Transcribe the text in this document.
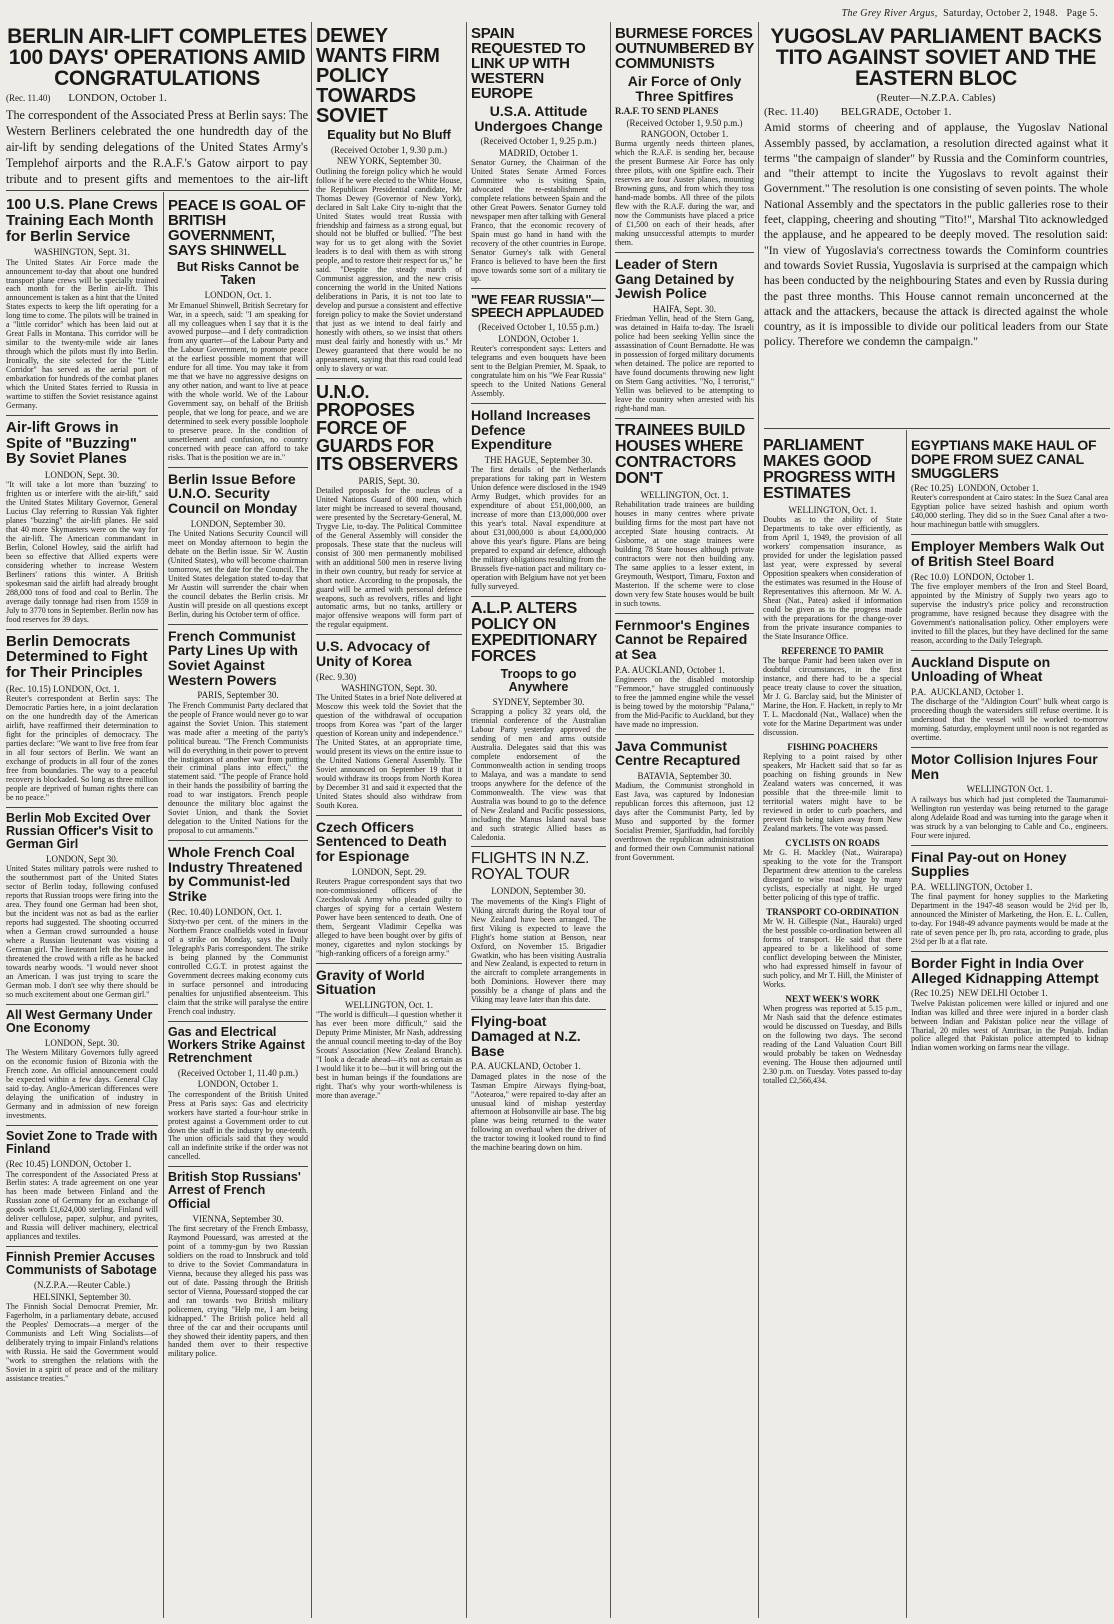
The Grey River Argus, Saturday, October 2, 1948. Page 5.
BERLIN AIR-LIFT COMPLETES 100 DAYS' OPERATIONS AMID CONGRATULATIONS
(Rec. 11.40) LONDON, October 1.
The correspondent of the Associated Press at Berlin says: The Western Berliners celebrated the one hundredth day of the air-lift by sending delegations of the United States Army's Templehof airports and the R.A.F.'s Gatow airport to pay tribute and to present gifts and mementoes to the air-lift
100 U.S. Plane Crews Training Each Month for Berlin Service
WASHINGTON, Sept. 31.
The United States Air Force made the announcement to-day that about one hundred transport plane crews will be specially trained each month for the Berlin air-lift. This announcement is taken as a hint that the United States expects to keep the lift operating for a long time to come. The pilots will be trained in a "little corridor" which has been laid out at Great Falls in Montana. This corridor will be similar to the twenty-mile wide air lanes through which the pilots must fly into Berlin. Ironically, the site selected for the "Little Corridor" has served as the aerial port of embarkation for hundreds of the combat planes which the United States ferried to Russia in wartime to stiffen the Soviet resistance against Germany.
Air-lift Grows in Spite of "Buzzing" By Soviet Planes
LONDON, Sept. 30.
"It will take a lot more than 'buzzing' to frighten us or interfere with the air-lift," said the United States Military Governor, General Lucius Clay referring to Russian Yak fighter planes "buzzing" the air-lift planes. He said that 40 more Skymasters were on the way for the air-lift. The American commandant in Berlin, Colonel Howley, said the airlift had been so effective that Allied experts were considering whether to increase Western Berliners' rations this winter. A British spokesman said the airlift had already brought 288,000 tons of food and coal to Berlin. The average daily tonnage had risen from 1559 in July to 3770 tons in September. Berlin now has food reserves for 39 days.
Berlin Democrats Determined to Fight for Their Principles
(Rec. 10.15) LONDON, Oct. 1.
Reuter's correspondent at Berlin says: The Democratic Parties here, in a joint declaration on the one hundredth day of the American airlift, have reaffirmed their determination to fight for the principles of democracy. The parties declare: "We want to live free from fear in all four sectors of Berlin. We want an exchange of products in all four of the zones free from boundaries. The way to a peaceful recovery is blockaded. So long as three million people are deprived of human rights there can be no peace."
Berlin Mob Excited Over Russian Officer's Visit to German Girl
LONDON, Sept 30.
United States military patrols were rushed to the southernmost part of the United States sector of Berlin today, following confused reports that Russian troops were firing into the area. They found one German had been shot, but the incident was not as bad as the earlier reports had suggested. The shooting occurred when a German crowd surrounded a house where a Russian lieutenant was visiting a German girl. The lieutenant left the house and threatened the crowd with a rifle as he backed towards nearby woods. "I would never shoot an American. I was just trying to scare the German mob. I don't see why there should be so much excitement about one German girl."
All West Germany Under One Economy
LONDON, Sept. 30.
The Western Military Governors fully agreed on the economic fusion of Bizonia with the French zone. An official announcement could be expected within a few days. General Clay said to-day. Anglo-American differences were delaying the unification of industry in Germany and in admission of new foreign investments.
Soviet Zone to Trade with Finland
(Rec 10.45) LONDON, October 1.
The correspondent of the Associated Press at Berlin states: A trade agreement on one year has been made between Finland and the Russian zone of Germany for an exchange of goods worth £1,624,000 sterling. Finland will deliver cellulose, paper, sulphur, and pyrites, and Russia will deliver machinery, electrical appliances and textiles.
Finnish Premier Accuses Communists of Sabotage
(N.Z.P.A.—Reuter Cable.)
HELSINKI, September 30.
The Finnish Social Democrat Premier, Mr. Fagerholm, in a parliamentary debate, accused the Peoples' Democrats—a merger of the Communists and Left Wing Socialists—of deliberately trying to impair Finland's relations with Russia. He said the Government would "work to strengthen the relations with the Soviet in a spirit of peace and of the military assistance treaties."
PEACE IS GOAL OF BRITISH GOVERNMENT, SAYS SHINWELL
But Risks Cannot be Taken
LONDON, Oct. 1.
Mr Emanuel Shinwell, British Secretary for War, in a speech, said: "I am speaking for all my colleagues when I say that it is the avowed purpose—and I defy contradiction from any quarter—of the Labour Party and the Labour Government, to promote peace at the earliest possible moment that will endure for all time. You may take it from me that we have no aggressive designs on any other nation, and want to live at peace with the whole world. We of the Labour Government say, on behalf of the British people, that we long for peace, and we are determined to seek every possible loophole to preserve peace. In the condition of unsettlement and confusion, no country concerned with peace can afford to take risks. That is the position we are in."
Berlin Issue Before U.N.O. Security Council on Monday
LONDON, September 30.
The United Nations Security Council will meet on Monday afternoon to begin the debate on the Berlin issue. Sir W. Austin (United States), who will become chairman tomorrow, set the date for the Council. The United States delegation stated to-day that Mr Austin will surrender the chair when the council debates the Berlin crisis. Mr Austin will preside on all questions except Berlin, during his October term of office.
French Communist Party Lines Up with Soviet Against Western Powers
PARIS, September 30.
The French Communist Party declared that the people of France would never go to war against the Soviet Union. This statement was made after a meeting of the party's political bureau. "The French Communists will do everything in their power to prevent the instigators of another war from putting their criminal plans into effect," the statement said. "The people of France hold in their hands the possibility of barring the road to war instigators. French people denounce the military bloc against the Soviet Union, and thank the Soviet delegation to the United Nations for the proposal to cut armaments."
Whole French Coal Industry Threatened by Communist-led Strike
(Rec. 10.40) LONDON, Oct. 1.
Sixty-two per cent. of the miners in the Northern France coalfields voted in favour of a strike on Monday, says the Daily Telegraph's Paris correspondent. The strike is being planned by the Communist controlled C.G.T. in protest against the Government decrees making economy cuts in surface personnel and introducing penalties for unjustified absenteeism. This claim that the strike will paralyse the entire French coal industry.
Gas and Electrical Workers Strike Against Retrenchment
(Received October 1, 11.40 p.m.)
LONDON, October 1.
The correspondent of the British United Press at Paris says: Gas and electricity workers have started a four-hour strike in protest against a Government order to cut down the staff in the industry by one-tenth. The union officials said that they would call an indefinite strike if the order was not cancelled.
British Stop Russians' Arrest of French Official
VIENNA, September 30.
The first secretary of the French Embassy, Raymond Pouessard, was arrested at the point of a tommy-gun by two Russian soldiers on the road to Innsbruck and told to drive to the Soviet Commandatura in Vienna, because they alleged his pass was out of date. Passing through the British sector of Vienna, Pouessard stopped the car and ran towards two British military policemen, crying "Help me, I am being kidnapped." The British police held all three of the car and their occupants until they showed their identity papers, and then handed them over to their respective military police.
DEWEY WANTS FIRM POLICY TOWARDS SOVIET
Equality but No Bluff
(Received October 1, 9.30 p.m.)
NEW YORK, September 30.
Outlining the foreign policy which he would follow if he were elected to the White House, the Republican Presidential candidate, Mr Thomas Dewey (Governor of New York), declared in Salt Lake City to-night that the United States would treat Russia with friendship and fairness as a strong equal, but should not be bluffed or bullied. "The best way for us to get along with the Soviet leaders is to deal with them as with strong people, and to restore their respect for us," he said. "Despite the steady march of Communist aggression, and the new crisis concerning the world in the United Nations deliberations in Paris, it is not too late to develop and pursue a consistent and effective foreign policy to make the Soviet understand that just as we intend to deal fairly and honestly with others, so we insist that others must deal fairly and honestly with us." Mr Dewey guaranteed that there would be no appeasement, saying that this road could lead only to slavery or war.
U.N.O. PROPOSES FORCE OF GUARDS FOR ITS OBSERVERS
PARIS, Sept. 30.
Detailed proposals for the nucleus of a United Nations Guard of 800 men, which later might be increased to several thousand, were presented by the Secretary-General, M. Trygve Lie, to-day. The Political Committee of the General Assembly will consider the proposals. These state that the nucleus will consist of 300 men permanently mobilised with an additional 500 men in reserve living in their own country, but ready for service at short notice. According to the proposals, the guard will be armed with personal defence weapons, such as revolvers, rifles and light automatic arms, but no tanks, artillery or major offensive weapons will form part of the regular equipment.
U.S. Advocacy of Unity of Korea
(Rec. 9.30)
WASHINGTON, Sept. 30.
The United States in a brief Note delivered at Moscow this week told the Soviet that the question of the withdrawal of occupation troops from Korea was "part of the larger question of Korean unity and independence." The United States, at an appropriate time, would present its views on the entire issue to the United Nations General Assembly. The Soviet announced on September 19 that it would withdraw its troops from North Korea by December 31 and said it expected that the United States should also withdraw from South Korea.
Czech Officers Sentenced to Death for Espionage
LONDON, Sept. 29.
Reuters Prague correspondent says that two non-commissioned officers of the Czechoslovak Army who pleaded guilty to charges of spying for a certain Western Power have been sentenced to death. One of them, Sergeant Vladimir Cepelka was alleged to have been bought over by gifts of money, cigarettes and nylon stockings by "high-ranking officers of a foreign army."
Gravity of World Situation
WELLINGTON, Oct. 1.
"The world is difficult—I question whether it has ever been more difficult," said the Deputy Prime Minister, Mr Nash, addressing the annual council meeting to-day of the Boy Scouts' Association (New Zealand Branch). "I look a decade ahead—it's not as certain as I would like it to be—but it will bring out the best in human beings if the foundations are right. That's why your worth-whileness is more than average."
SPAIN REQUESTED TO LINK UP WITH WESTERN EUROPE
U.S.A. Attitude Undergoes Change
(Received October 1, 9.25 p.m.)
MADRID, October 1.
Senator Gurney, the Chairman of the United States Senate Armed Forces Committee who is visiting Spain, advocated the re-establishment of complete relations between Spain and the other Great Powers. Senator Gurney told newspaper men after talking with General Franco, that the economic recovery of Spain must go hand in hand with the recovery of the other countries in Europe. Senator Gurney's talk with General Franco is believed to have been the first move towards some sort of a military tie up.
"WE FEAR RUSSIA"—SPEECH APPLAUDED
(Received October 1, 10.55 p.m.)
LONDON, October 1.
Reuter's correspondent says: Letters and telegrams and even bouquets have been sent to the Belgian Premier, M. Spaak, to congratulate him on his "We Fear Russia" speech to the United Nations General Assembly.
Holland Increases Defence Expenditure
THE HAGUE, September 30.
The first details of the Netherlands preparations for taking part in Western Union defence were disclosed in the 1949 Army Budget, which provides for an expenditure of about £51,000,000, an increase of more than £13,000,000 over this year's total. Naval expenditure at about £31,000,000 is about £4,000,000 above this year's figure. Plans are being prepared to expand air defence, although the military obligations resulting from the Brussels five-nation pact and military co-operation with Belgium have not yet been fully surveyed.
A.L.P. ALTERS POLICY ON EXPEDITIONARY FORCES
Troops to go Anywhere
SYDNEY, September 30.
Scrapping a policy 32 years old, the triennial conference of the Australian Labour Party yesterday approved the sending of men and arms outside Australia. Delegates said that this was complete endorsement of the Commonwealth action in sending troops to Malaya, and was a mandate to send troops anywhere for the defence of the Commonwealth. The view was that Australia was bound to go to the defence of New Zealand and Pacific possessions, including the Manus Island naval base and such strategic Allied bases as Caledonia.
FLIGHTS IN N.Z. ROYAL TOUR
LONDON, September 30.
The movements of the King's Flight of Viking aircraft during the Royal tour of New Zealand have been arranged. The first Viking is expected to leave the Flight's home station at Benson, near Oxford, on November 15. Brigadier Gwatkin, who has been visiting Australia and New Zealand, is expected to return in the aircraft to complete arrangements in both Dominions. However there may possibly be a change of plans and the Viking may leave later than this date.
Flying-boat Damaged at N.Z. Base
P.A. AUCKLAND, October 1.
Damaged plates in the nose of the Tasman Empire Airways flying-boat, "Aotearoa," were repaired to-day after an unusual kind of mishap yesterday afternoon at Hobsonville air base. The big plane was being returned to the water following an overhaul when the driver of the tractor towing it looked round to find the machine bearing down on him.
BURMESE FORCES OUTNUMBERED BY COMMUNISTS
Air Force of Only Three Spitfires
R.A.F. TO SEND PLANES
(Received October 1, 9.50 p.m.)
RANGOON, October 1.
Burma urgently needs thirteen planes, which the R.A.F. is sending her, because the present Burmese Air Force has only three pilots, with one Spitfire each. Their reserves are four Auster planes, mounting Browning guns, and from which they toss hand-made bombs. All three of the pilots flew with the R.A.F. during the war, and now the Communists have placed a price of £1,500 on each of their heads, after making unsuccessful attempts to murder them.
Leader of Stern Gang Detained by Jewish Police
HAIFA, Sept. 30.
Friedman Yellin, head of the Stern Gang, was detained in Haifa to-day. The Israeli police had been seeking Yellin since the assassination of Count Bernadotte. He was in possession of forged military documents when detained. The police are reported to have found documents throwing new light on Stern Gang activities. "No, I terrorist," Yellin was believed to be attempting to leave the country when arrested with his right-hand man.
TRAINEES BUILD HOUSES WHERE CONTRACTORS DON'T
WELLINGTON, Oct. 1.
Rehabilitation trade trainees are building houses in many centres where private building firms for the most part have not accepted State housing contracts. At Gisborne, at one stage trainees were building 78 State houses although private contractors were not then building any. The same applies to a lesser extent, in Greymouth, Westport, Timaru, Foxton and Masterton. If the scheme were to close down very few State houses would be built in such towns.
Fernmoor's Engines Cannot be Repaired at Sea
P.A. AUCKLAND, October 1.
Engineers on the disabled motorship "Fernmoor," have struggled continuously to free the jammed engine while the vessel is being towed by the motorship "Palana," from the Mid-Pacific to Auckland, but they have made no impression.
Java Communist Centre Recaptured
BATAVIA, September 30.
Madium, the Communist stronghold in East Java, was captured by Indonesian republican forces this afternoon, just 12 days after the Communist Party, led by Muso and supported by the former Socialist Premier, Sjarifuddin, had forcibly overthrown the republican administration and formed their own Communist national front Government.
YUGOSLAV PARLIAMENT BACKS TITO AGAINST SOVIET AND THE EASTERN BLOC
(Reuter—N.Z.P.A. Cables)
(Rec. 11.40) BELGRADE, October 1.
Amid storms of cheering and of applause, the Yugoslav National Assembly passed, by acclamation, a resolution directed against what it terms "the campaign of slander" by Russia and the Cominform countries, and "their attempt to incite the Yugoslavs to revolt against their Government." The resolution is one consisting of seven points. The whole National Assembly and the spectators in the public galleries rose to their feet, clapping, cheering and shouting "Tito!", Marshal Tito acknowledged the applause, and he appeared to be deeply moved. The resolution said: "In view of Yugoslavia's correctness towards the Cominform countries and towards Soviet Russia, Yugoslavia is surprised at the campaign which has been conducted by the neighbouring States and even by Russia during the past three months. This House cannot remain unconcerned at the attack and the attackers, because the attack is directed against the whole country, as it is impossible to divide our political leaders from our State policy. Therefore we condemn the campaign."
PARLIAMENT MAKES GOOD PROGRESS WITH ESTIMATES
WELLINGTON, Oct. 1.
Doubts as to the ability of State Departments to take over efficiently, as from April 1, 1949, the provision of all workers' compensation insurance, as provided for under the legislation passed last year, were expressed by several Opposition speakers when consideration of the estimates was resumed in the House of Representatives this afternoon. Mr W. A. Sheat (Nat., Patea) asked if information could be given as to the progress made with the preparations for the change-over from the private insurance companies to the State Insurance Office.
REFERENCE TO PAMIR
The barque Pamir had been taken over in doubtful circumstances, in the first instance, and there had to be a special peace treaty clause to cover the situation, Mr J. G. Barclay said, but the Minister of Marine, the Hon. F. Hackett, in reply to Mr T. L. Macdonald (Nat., Wallace) when the vote for the Marine Department was under discussion.
FISHING POACHERS
Replying to a point raised by other speakers, Mr Hackett said that so far as poaching on fishing grounds in New Zealand waters was concerned, it was possible that the three-mile limit to territorial waters might have to be reviewed in order to curb poachers, and prevent fish being taken away from New Zealand markets. The vote was passed.
CYCLISTS ON ROADS
Mr G. H. Mackley (Nat., Wairarapa) speaking to the vote for the Transport Department drew attention to the careless disregard to wise road usage by many cyclists, especially at night. He urged better policing of this type of traffic.
TRANSPORT CO-ORDINATION
Mr W. H. Gillespie (Nat., Hauraki) urged the best possible co-ordination between all forms of transport. He said that there appeared to be a likelihood of some conflict developing between the Minister, who had expressed himself in favour of such policy, and Mr T. Hill, the Minister of Works.
NEXT WEEK'S WORK
When progress was reported at 5.15 p.m., Mr Nash said that the defence estimates would be discussed on Tuesday, and Bills on the following two days. The second reading of the Land Valuation Court Bill would probably be taken on Wednesday evening. The House then adjourned until 2.30 p.m. on Tuesday. Votes passed to-day totalled £2,566,434.
EGYPTIANS MAKE HAUL OF DOPE FROM SUEZ CANAL SMUGGLERS
(Rec 10.25) LONDON, October 1.
Reuter's correspondent at Cairo states: In the Suez Canal area Egyptian police have seized hashish and opium worth £40,000 sterling. They did so in the Suez Canal after a two-hour machinegun battle with smugglers.
Employer Members Walk Out of British Steel Board
(Rec 10.0) LONDON, October 1.
The five employer members of the Iron and Steel Board, appointed by the Ministry of Supply two years ago to supervise the industry's price policy and reconstruction programme, have resigned because they disagree with the Government's nationalisation policy. Other employers were invited to fill the places, but they have declined for the same reason, according to the Daily Telegraph.
Auckland Dispute on Unloading of Wheat
P.A. AUCKLAND, October 1.
The discharge of the "Aldington Court" bulk wheat cargo is proceeding though the watersiders still refuse overtime. It is understood that the vessel will be worked to-morrow morning. Saturday, employment until noon is not regarded as overtime.
Motor Collision Injures Four Men
WELLINGTON Oct. 1.
A railways bus which had just completed the Taumarunui-Wellington run yesterday was being returned to the garage along Adelaide Road and was turning into the garage when it was struck by a van belonging to Cable and Co., engineers. Four were injured.
Final Pay-out on Honey Supplies
P.A. WELLINGTON, October 1.
The final payment for honey supplies to the Marketing Department in the 1947-48 season would be 2½d per lb, announced the Minister of Marketing, the Hon. E. L. Cullen, to-day. For 1948-49 advance payments would be made at the rate of seven pence per lb, pro rata, according to grade, plus 2½d per lb at a flat rate.
Border Fight in India Over Alleged Kidnapping Attempt
(Rec 10.25) NEW DELHI October 1.
Twelve Pakistan policemen were killed or injured and one Indian was killed and three were injured in a border clash between Indian and Pakistan police near the village of Tharial, 20 miles west of Amritsar, in the Punjab. Indian police alleged that Pakistan police attempted to kidnap Indian women working on farms near the village.
